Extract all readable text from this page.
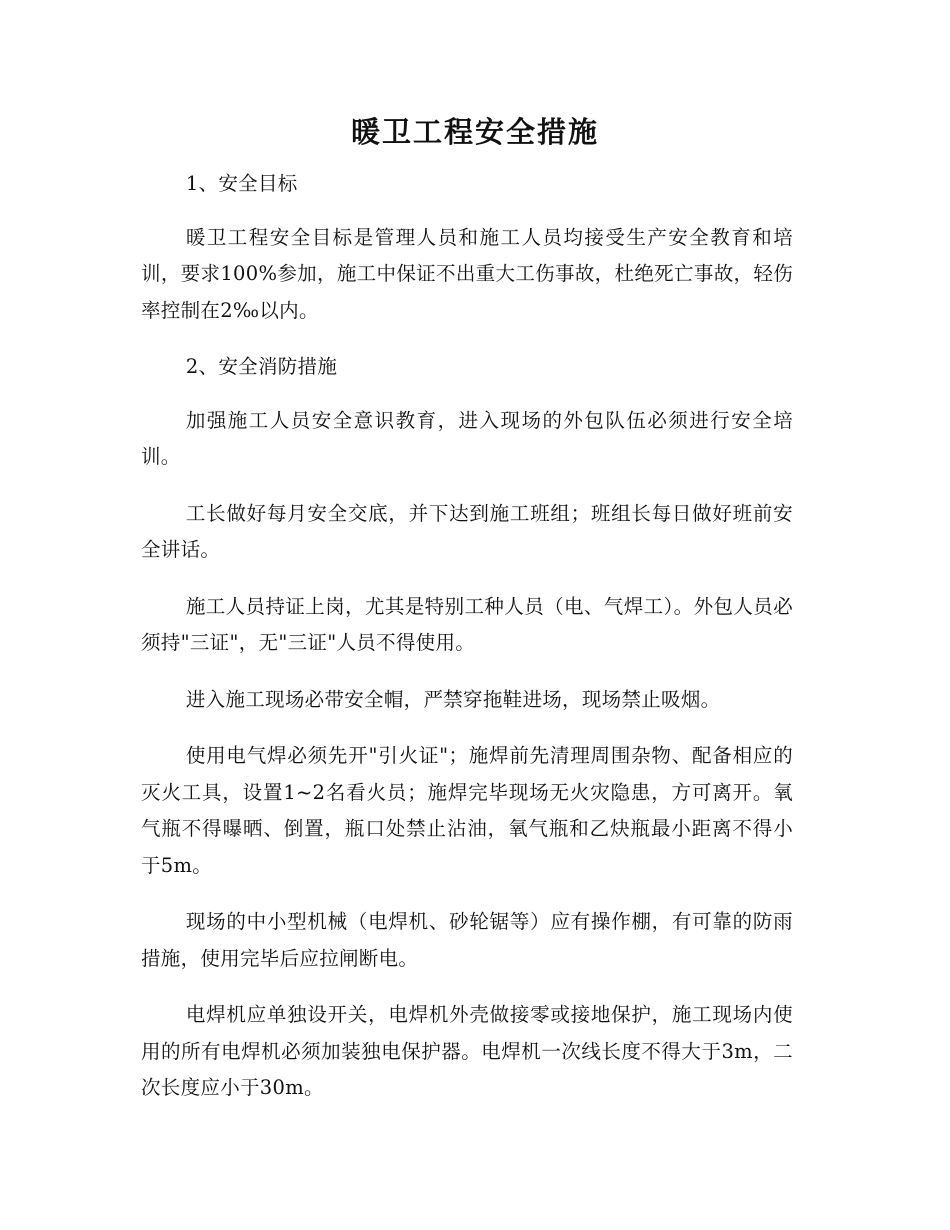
暖卫工程安全措施

1、安全目标

暖卫工程安全目标是管理人员和施工人员均接受生产安全教育和培训，要求100%参加，施工中保证不出重大工伤事故，杜绝死亡事故，轻伤率控制在2‰以内。

2、安全消防措施

加强施工人员安全意识教育，进入现场的外包队伍必须进行安全培训。

工长做好每月安全交底，并下达到施工班组；班组长每日做好班前安全讲话。

施工人员持证上岗，尤其是特别工种人员（电、气焊工）。外包人员必须持"三证"，无"三证"人员不得使用。

进入施工现场必带安全帽，严禁穿拖鞋进场，现场禁止吸烟。

使用电气焊必须先开"引火证"；施焊前先清理周围杂物、配备相应的灭火工具，设置1~2名看火员；施焊完毕现场无火灾隐患，方可离开。氧气瓶不得曝晒、倒置，瓶口处禁止沾油，氧气瓶和乙炔瓶最小距离不得小于5m。

现场的中小型机械（电焊机、砂轮锯等）应有操作棚，有可靠的防雨措施，使用完毕后应拉闸断电。

电焊机应单独设开关，电焊机外壳做接零或接地保护，施工现场内使用的所有电焊机必须加装独电保护器。电焊机一次线长度不得大于3m，二次长度应小于30m。
